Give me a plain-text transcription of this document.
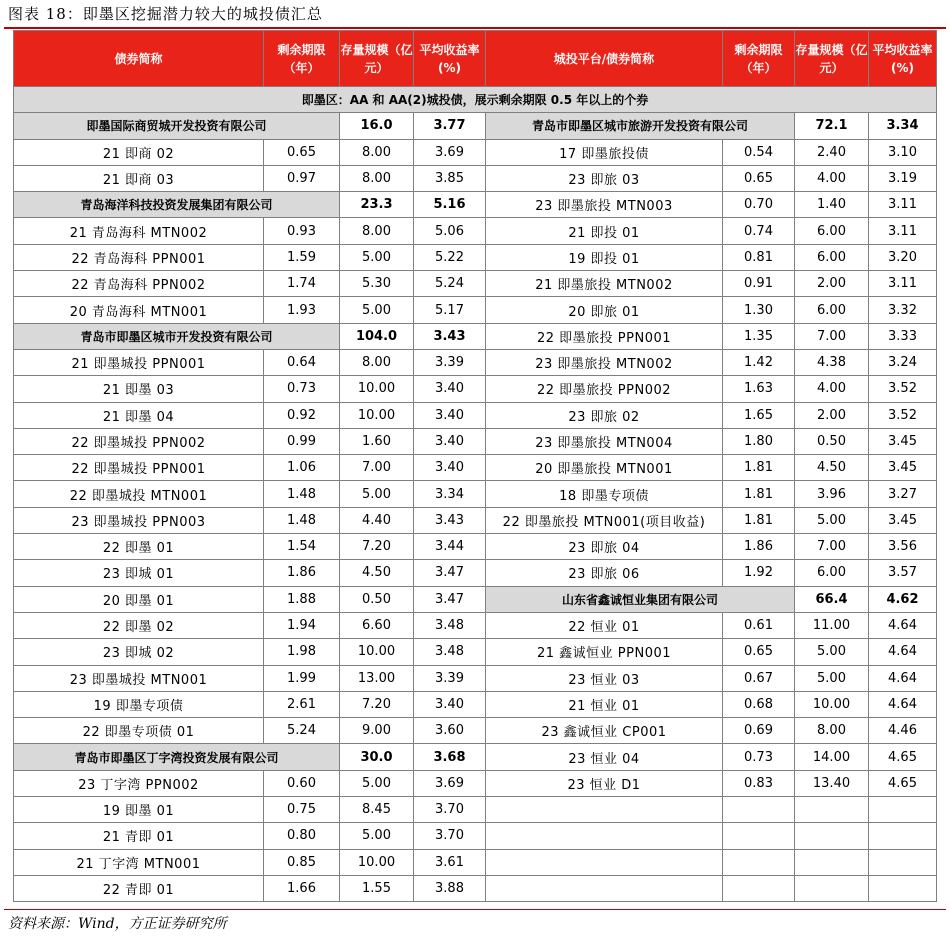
图表 18：即墨区挖掘潜力较大的城投债汇总
债券简称	剩余期限（年）	存量规模（亿元）	平均收益率(%)	城投平台/债券简称	剩余期限（年）	存量规模（亿元）	平均收益率(%)
即墨区：AA 和 AA(2)城投债，展示剩余期限 0.5 年以上的个券							
即墨国际商贸城开发投资有限公司		16.0	3.77	青岛市即墨区城市旅游开发投资有限公司		72.1	3.34
21 即商 02	0.65	8.00	3.69	17 即墨旅投债	0.54	2.40	3.10
21 即商 03	0.97	8.00	3.85	23 即旅 03	0.65	4.00	3.19
青岛海洋科技投资发展集团有限公司		23.3	5.16	23 即墨旅投 MTN003	0.70	1.40	3.11
21 青岛海科 MTN002	0.93	8.00	5.06	21 即投 01	0.74	6.00	3.11
22 青岛海科 PPN001	1.59	5.00	5.22	19 即投 01	0.81	6.00	3.20
22 青岛海科 PPN002	1.74	5.30	5.24	21 即墨旅投 MTN002	0.91	2.00	3.11
20 青岛海科 MTN001	1.93	5.00	5.17	20 即旅 01	1.30	6.00	3.32
青岛市即墨区城市开发投资有限公司		104.0	3.43	22 即墨旅投 PPN001	1.35	7.00	3.33
21 即墨城投 PPN001	0.64	8.00	3.39	23 即墨旅投 MTN002	1.42	4.38	3.24
21 即墨 03	0.73	10.00	3.40	22 即墨旅投 PPN002	1.63	4.00	3.52
21 即墨 04	0.92	10.00	3.40	23 即旅 02	1.65	2.00	3.52
22 即墨城投 PPN002	0.99	1.60	3.40	23 即墨旅投 MTN004	1.80	0.50	3.45
22 即墨城投 PPN001	1.06	7.00	3.40	20 即墨旅投 MTN001	1.81	4.50	3.45
22 即墨城投 MTN001	1.48	5.00	3.34	18 即墨专项债	1.81	3.96	3.27
23 即墨城投 PPN003	1.48	4.40	3.43	22 即墨旅投 MTN001(项目收益)	1.81	5.00	3.45
22 即墨 01	1.54	7.20	3.44	23 即旅 04	1.86	7.00	3.56
23 即城 01	1.86	4.50	3.47	23 即旅 06	1.92	6.00	3.57
20 即墨 01	1.88	0.50	3.47	山东省鑫诚恒业集团有限公司		66.4	4.62
22 即墨 02	1.94	6.60	3.48	22 恒业 01	0.61	11.00	4.64
23 即城 02	1.98	10.00	3.48	21 鑫诚恒业 PPN001	0.65	5.00	4.64
23 即墨城投 MTN001	1.99	13.00	3.39	23 恒业 03	0.67	5.00	4.64
19 即墨专项债	2.61	7.20	3.40	21 恒业 01	0.68	10.00	4.64
22 即墨专项债 01	5.24	9.00	3.60	23 鑫诚恒业 CP001	0.69	8.00	4.46
青岛市即墨区丁字湾投资发展有限公司		30.0	3.68	23 恒业 04	0.73	14.00	4.65
23 丁字湾 PPN002	0.60	5.00	3.69	23 恒业 D1	0.83	13.40	4.65
19 即墨 01	0.75	8.45	3.70				
21 青即 01	0.80	5.00	3.70				
21 丁字湾 MTN001	0.85	10.00	3.61				
22 青即 01	1.66	1.55	3.88				
资料来源：Wind，方正证券研究所
